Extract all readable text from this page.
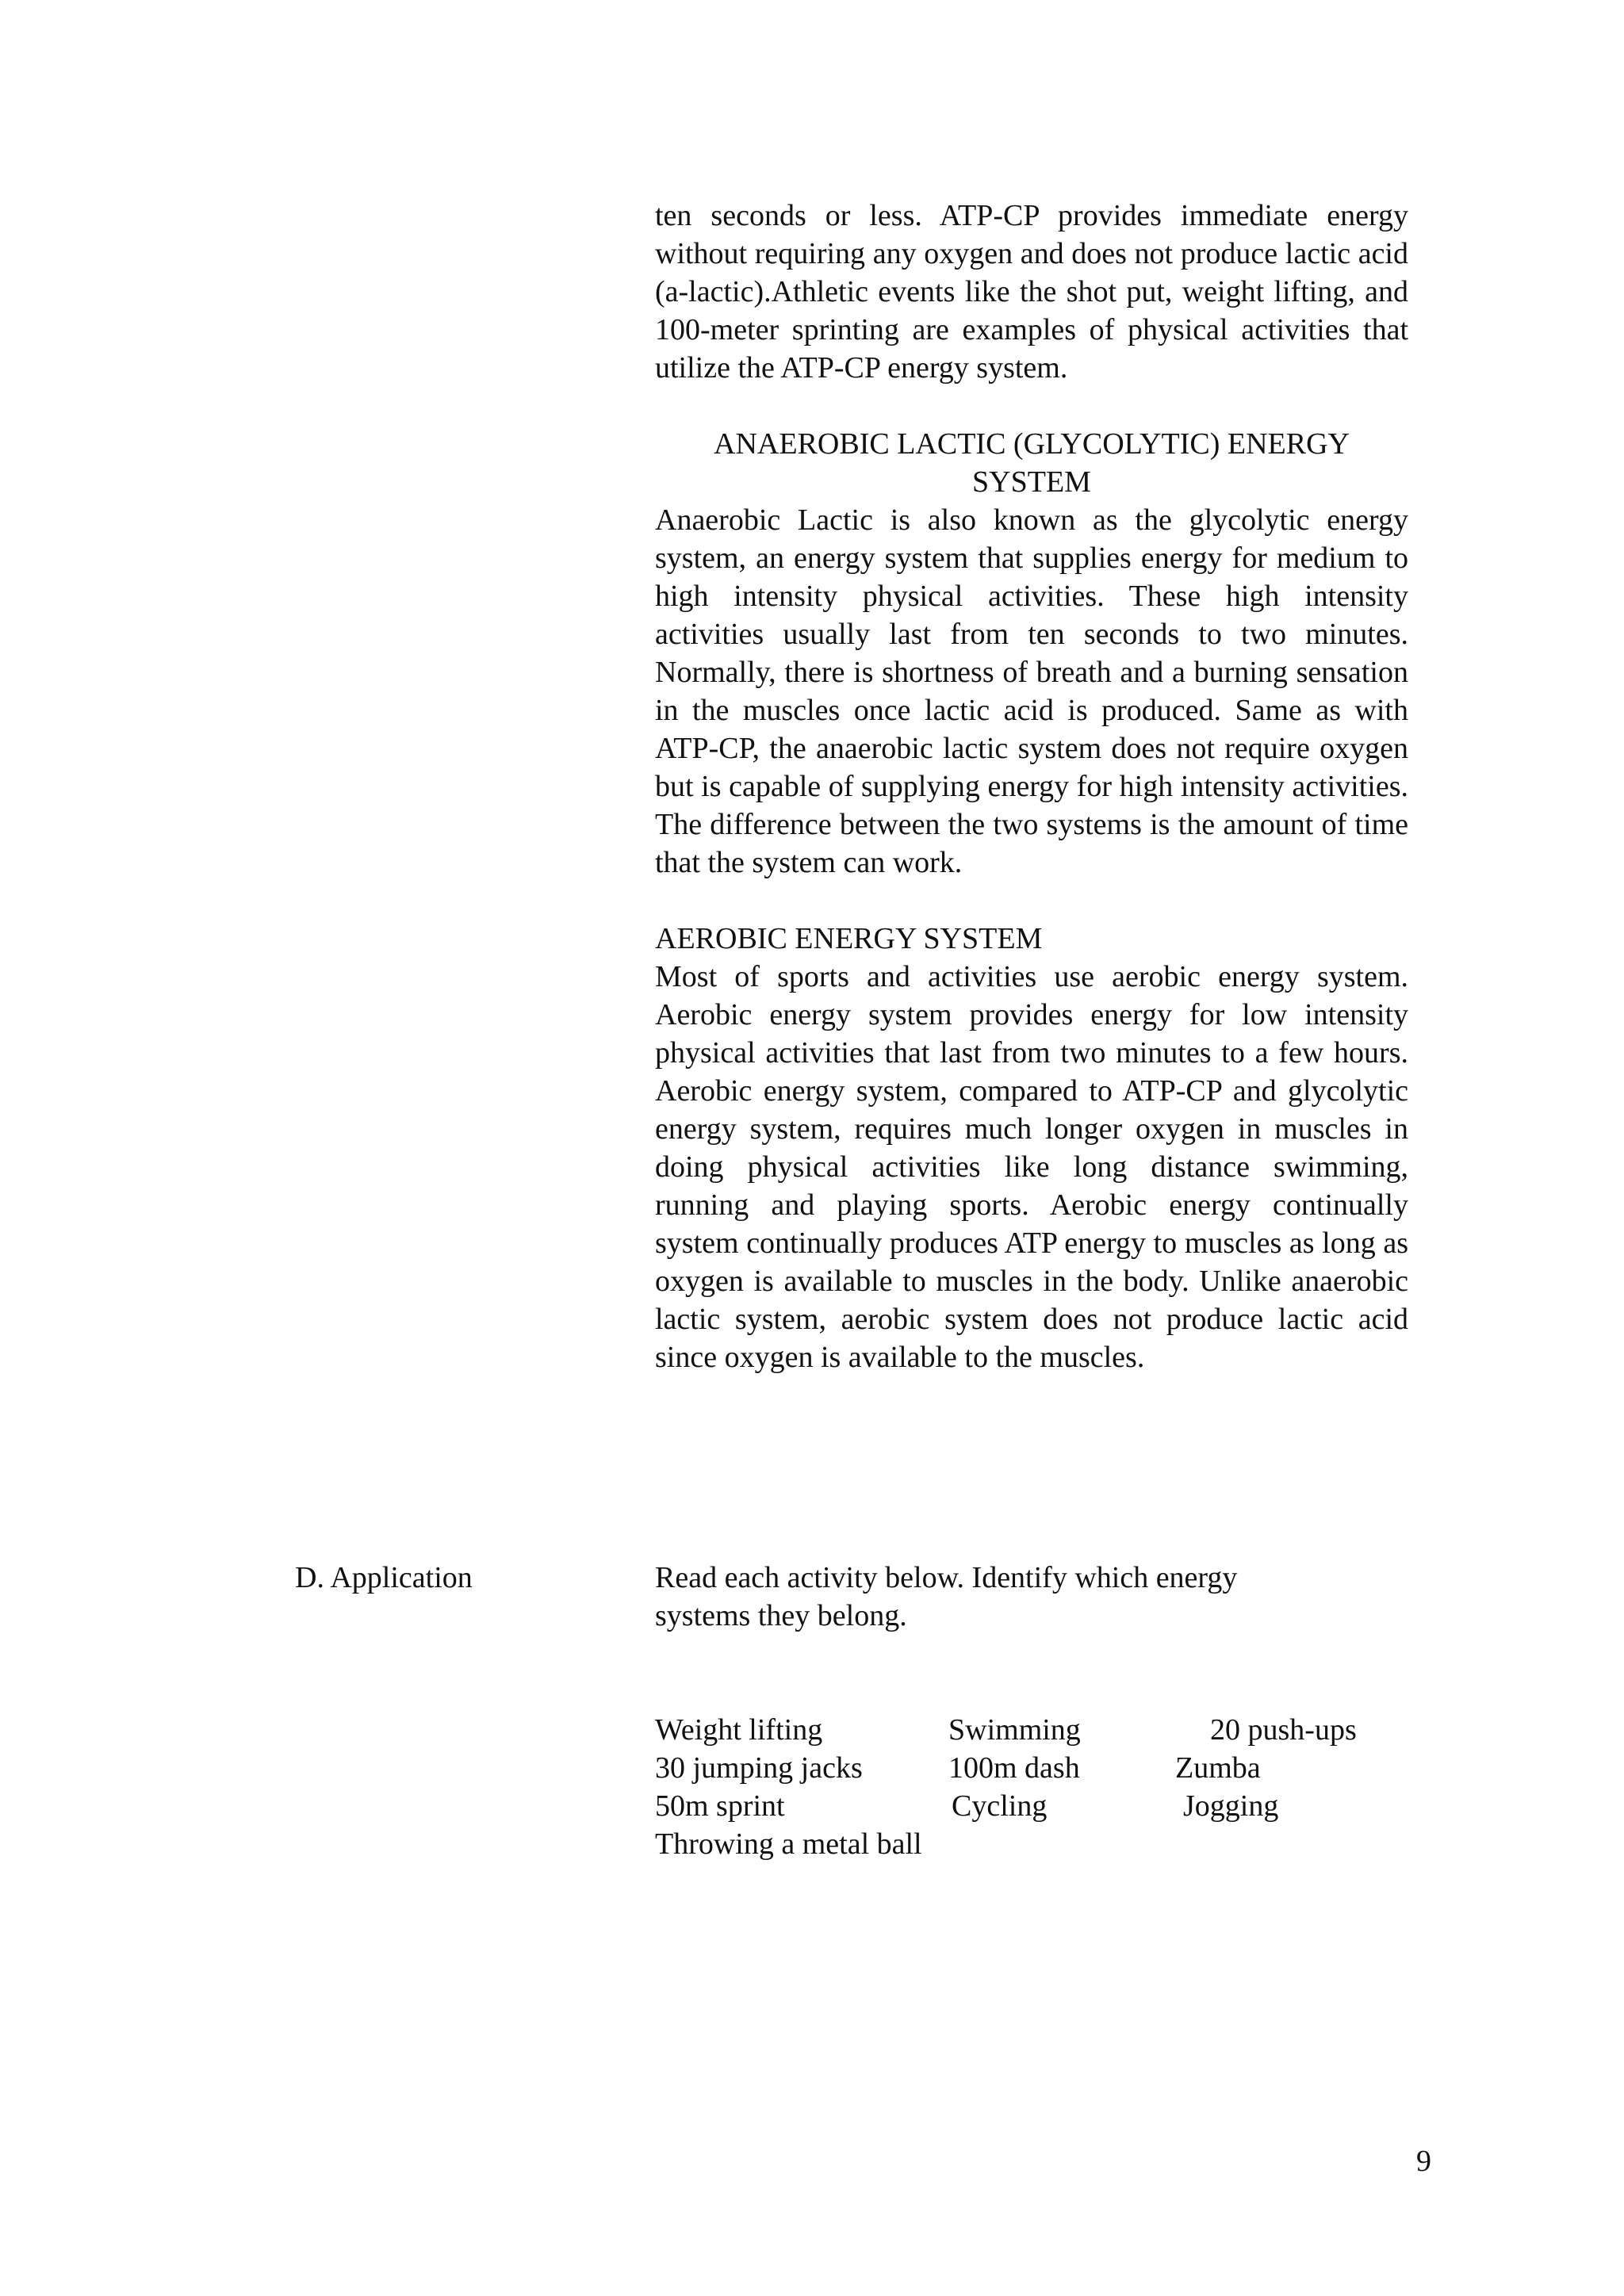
ten seconds or less. ATP-CP provides immediate energy without requiring any oxygen and does not produce lactic acid (a-lactic).Athletic events like the shot put, weight lifting, and 100-meter sprinting are examples of physical activities that utilize the ATP-CP energy system.

ANAEROBIC LACTIC (GLYCOLYTIC) ENERGY SYSTEM

Anaerobic Lactic is also known as the glycolytic energy system, an energy system that supplies energy for medium to high intensity physical activities. These high intensity activities usually last from ten seconds to two minutes. Normally, there is shortness of breath and a burning sensation in the muscles once lactic acid is produced. Same as with ATP-CP, the anaerobic lactic system does not require oxygen but is capable of supplying energy for high intensity activities. The difference between the two systems is the amount of time that the system can work.

AEROBIC ENERGY SYSTEM

Most of sports and activities use aerobic energy system. Aerobic energy system provides energy for low intensity physical activities that last from two minutes to a few hours. Aerobic energy system, compared to ATP-CP and glycolytic energy system, requires much longer oxygen in muscles in doing physical activities like long distance swimming, running and playing sports. Aerobic energy continually system continually produces ATP energy to muscles as long as oxygen is available to muscles in the body. Unlike anaerobic lactic system, aerobic system does not produce lactic acid since oxygen is available to the muscles.

D. Application	Read each activity below. Identify which energy
systems they belong.
Weight lifting	Swimming	20 push-ups
30 jumping jacks	100m dash	Zumba
50m sprint	Cycling	Jogging
Throwing a metal ball
9
